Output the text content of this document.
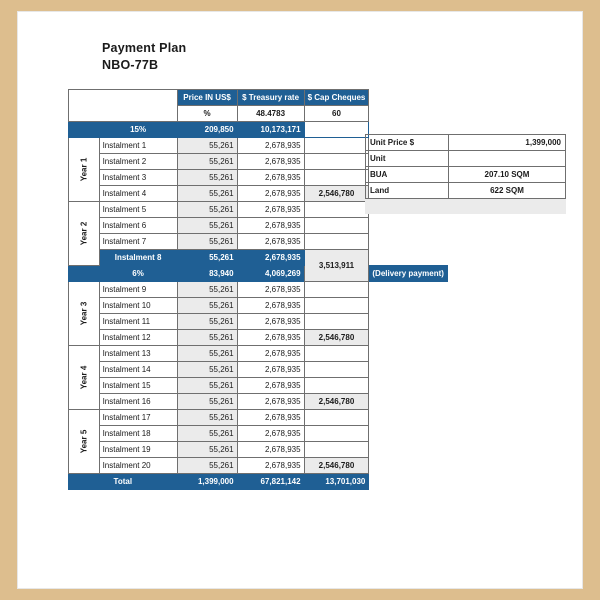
Payment Plan
NBO-77B
		Price IN US$	$ Treasury rate	$ Cap Cheques	
		%	48.4783	60	
	15%	209,850	10,173,171		
Year 1	Instalment 1	55,261	2,678,935		
	Instalment 2	55,261	2,678,935		
	Instalment 3	55,261	2,678,935		
	Instalment 4	55,261	2,678,935	2,546,780	
Year 2	Instalment 5	55,261	2,678,935		
	Instalment 6	55,261	2,678,935		
	Instalment 7	55,261	2,678,935		
	Instalment 8	55,261	2,678,935	3,513,911	
	6%	83,940	4,069,269		(Delivery payment)
Year 3	Instalment 9	55,261	2,678,935		
	Instalment 10	55,261	2,678,935		
	Instalment 11	55,261	2,678,935		
	Instalment 12	55,261	2,678,935	2,546,780	
Year 4	Instalment 13	55,261	2,678,935		
	Instalment 14	55,261	2,678,935		
	Instalment 15	55,261	2,678,935		
	Instalment 16	55,261	2,678,935	2,546,780	
Year 5	Instalment 17	55,261	2,678,935		
	Instalment 18	55,261	2,678,935		
	Instalment 19	55,261	2,678,935		
	Instalment 20	55,261	2,678,935	2,546,780	
Total		1,399,000	67,821,142	13,701,030	
Unit Price $	1,399,000
Unit	
BUA	207.10 SQM
Land	622 SQM
